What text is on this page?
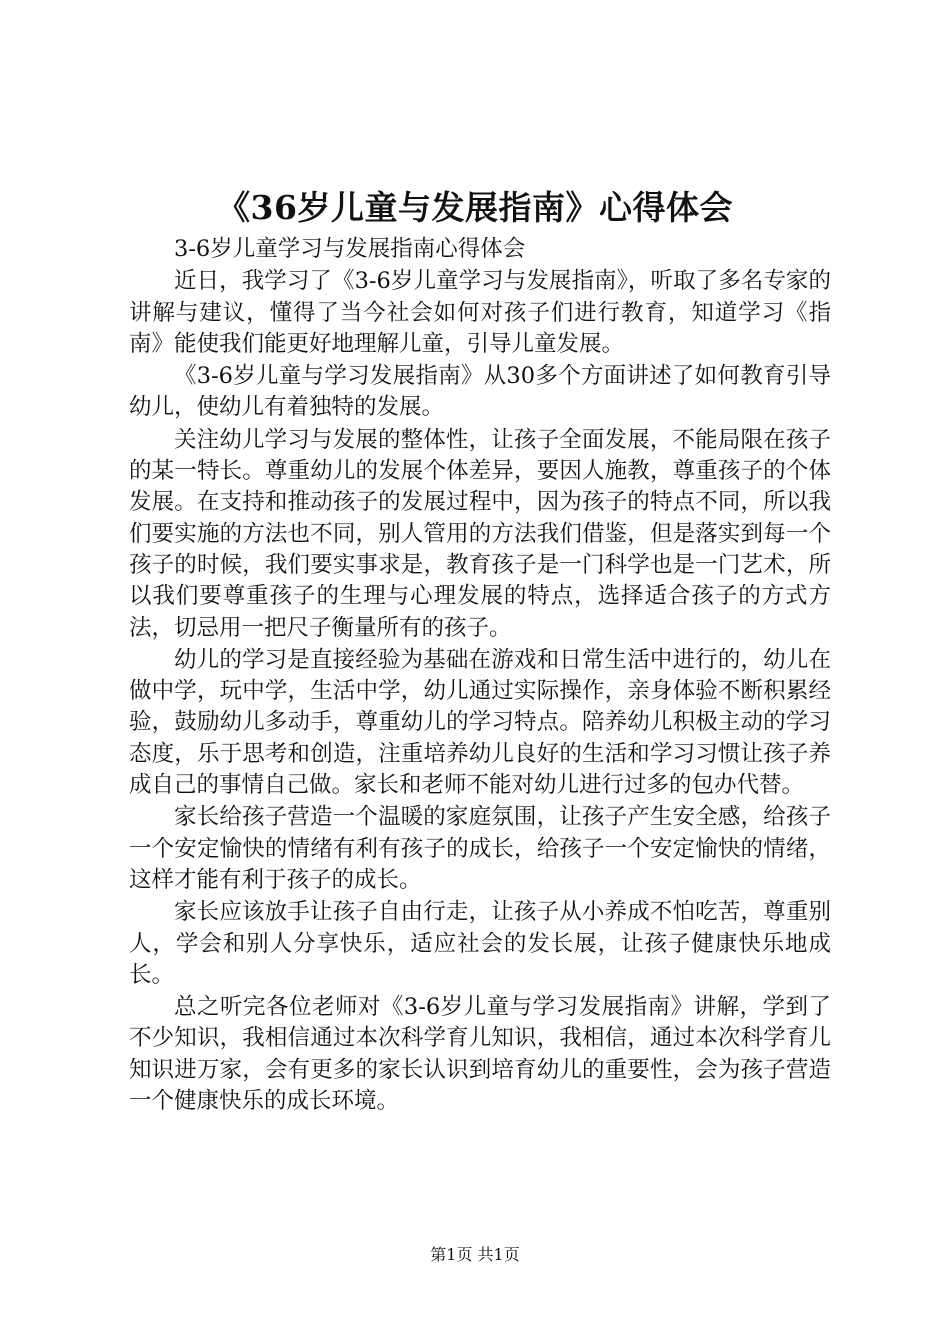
《36岁儿童与发展指南》心得体会

3-6岁儿童学习与发展指南心得体会

近日，我学习了《3-6岁儿童学习与发展指南》，听取了多名专家的讲解与建议，懂得了当今社会如何对孩子们进行教育，知道学习《指南》能使我们能更好地理解儿童，引导儿童发展。

《3-6岁儿童与学习发展指南》从30多个方面讲述了如何教育引导幼儿，使幼儿有着独特的发展。

关注幼儿学习与发展的整体性，让孩子全面发展，不能局限在孩子的某一特长。尊重幼儿的发展个体差异，要因人施教，尊重孩子的个体发展。在支持和推动孩子的发展过程中，因为孩子的特点不同，所以我们要实施的方法也不同，别人管用的方法我们借鉴，但是落实到每一个孩子的时候，我们要实事求是，教育孩子是一门科学也是一门艺术，所以我们要尊重孩子的生理与心理发展的特点，选择适合孩子的方式方法，切忌用一把尺子衡量所有的孩子。

幼儿的学习是直接经验为基础在游戏和日常生活中进行的，幼儿在做中学，玩中学，生活中学，幼儿通过实际操作，亲身体验不断积累经验，鼓励幼儿多动手，尊重幼儿的学习特点。陪养幼儿积极主动的学习态度，乐于思考和创造，注重培养幼儿良好的生活和学习习惯让孩子养成自己的事情自己做。家长和老师不能对幼儿进行过多的包办代替。

家长给孩子营造一个温暖的家庭氛围，让孩子产生安全感，给孩子一个安定愉快的情绪有利有孩子的成长，给孩子一个安定愉快的情绪，这样才能有利于孩子的成长。

家长应该放手让孩子自由行走，让孩子从小养成不怕吃苦，尊重别人，学会和别人分享快乐，适应社会的发长展，让孩子健康快乐地成长。

总之听完各位老师对《3-6岁儿童与学习发展指南》讲解，学到了不少知识，我相信通过本次科学育儿知识，我相信，通过本次科学育儿知识进万家，会有更多的家长认识到培育幼儿的重要性，会为孩子营造一个健康快乐的成长环境。

第1页 共1页
